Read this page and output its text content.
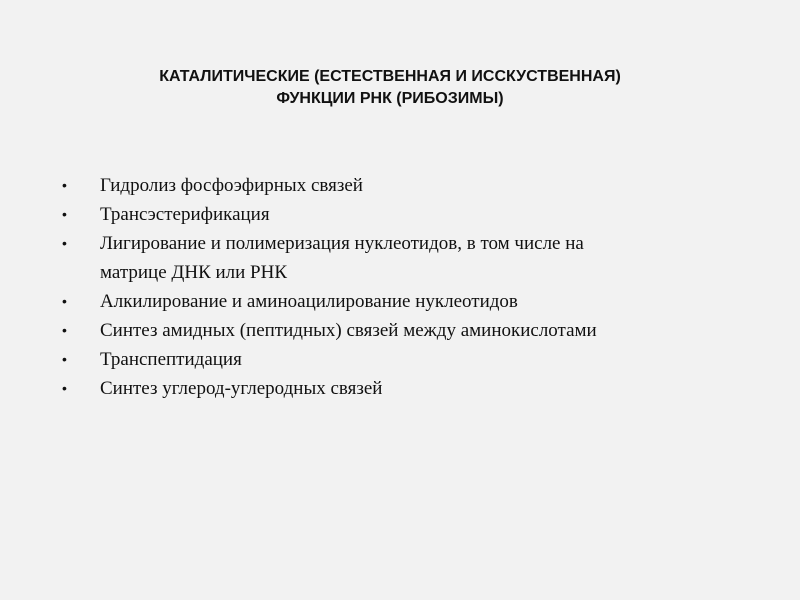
КАТАЛИТИЧЕСКИЕ (ЕСТЕСТВЕННАЯ И ИССКУСТВЕННАЯ)
ФУНКЦИИ РНК (РИБОЗИМЫ)
• Гидролиз фосфоэфирных связей
• Трансэстерификация
• Лигирование и полимеризация нуклеотидов, в том числе на
матрице ДНК или РНК
• Алкилирование и аминоацилирование нуклеотидов
• Синтез амидных (пептидных) связей между аминокислотами
• Транспептидация
• Синтез углерод-углеродных связей
